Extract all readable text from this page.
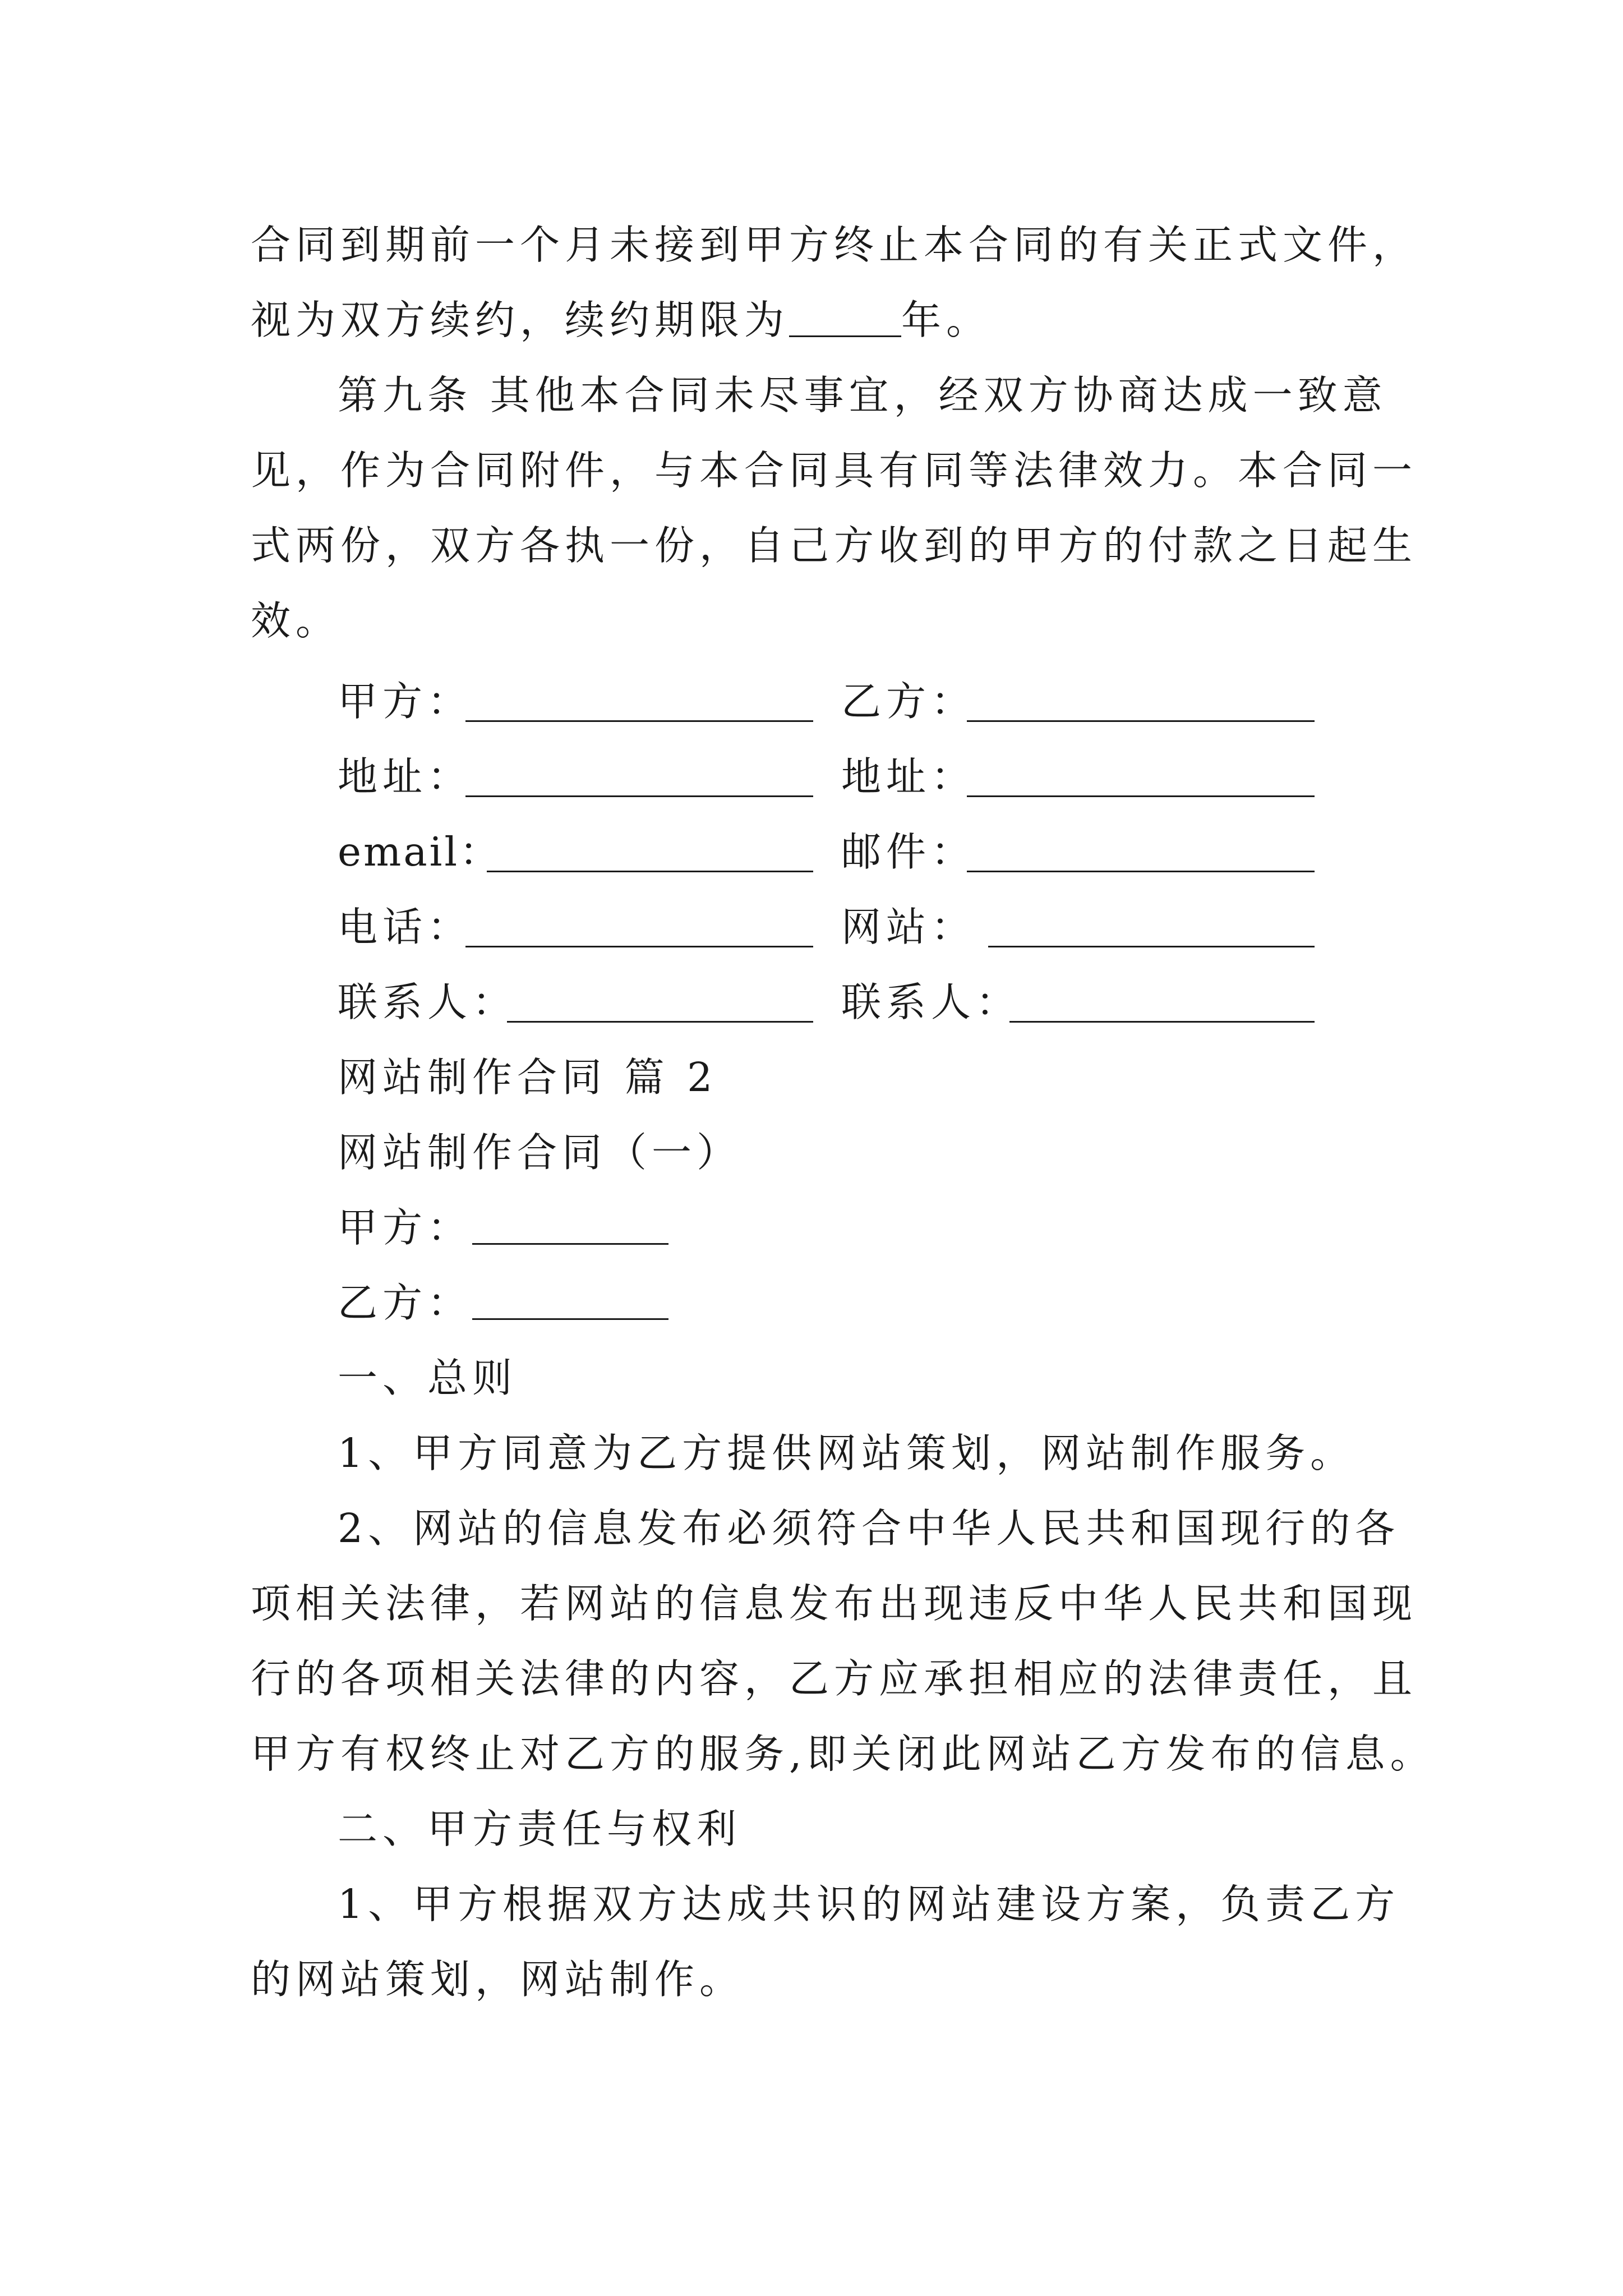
合同到期前一个月未接到甲方终止本合同的有关正式文件，
视为双方续约，续约期限为	年。
第九条 其他本合同未尽事宜，经双方协商达成一致意
见，作为合同附件，与本合同具有同等法律效力。本合同一
式两份，双方各执一份，自己方收到的甲方的付款之日起生
效。
甲方：	乙方：
地址：	地址：
email：	邮件：
电话：	网站：
联系人：	联系人：
网站制作合同 篇 2
网站制作合同（一）
甲方：
乙方：
一、总则
1、甲方同意为乙方提供网站策划，网站制作服务。
2、网站的信息发布必须符合中华人民共和国现行的各
项相关法律，若网站的信息发布出现违反中华人民共和国现
行的各项相关法律的内容，乙方应承担相应的法律责任，且
甲方有权终止对乙方的服务,即关闭此网站乙方发布的信息。
二、甲方责任与权利
1、甲方根据双方达成共识的网站建设方案，负责乙方
的网站策划，网站制作。
